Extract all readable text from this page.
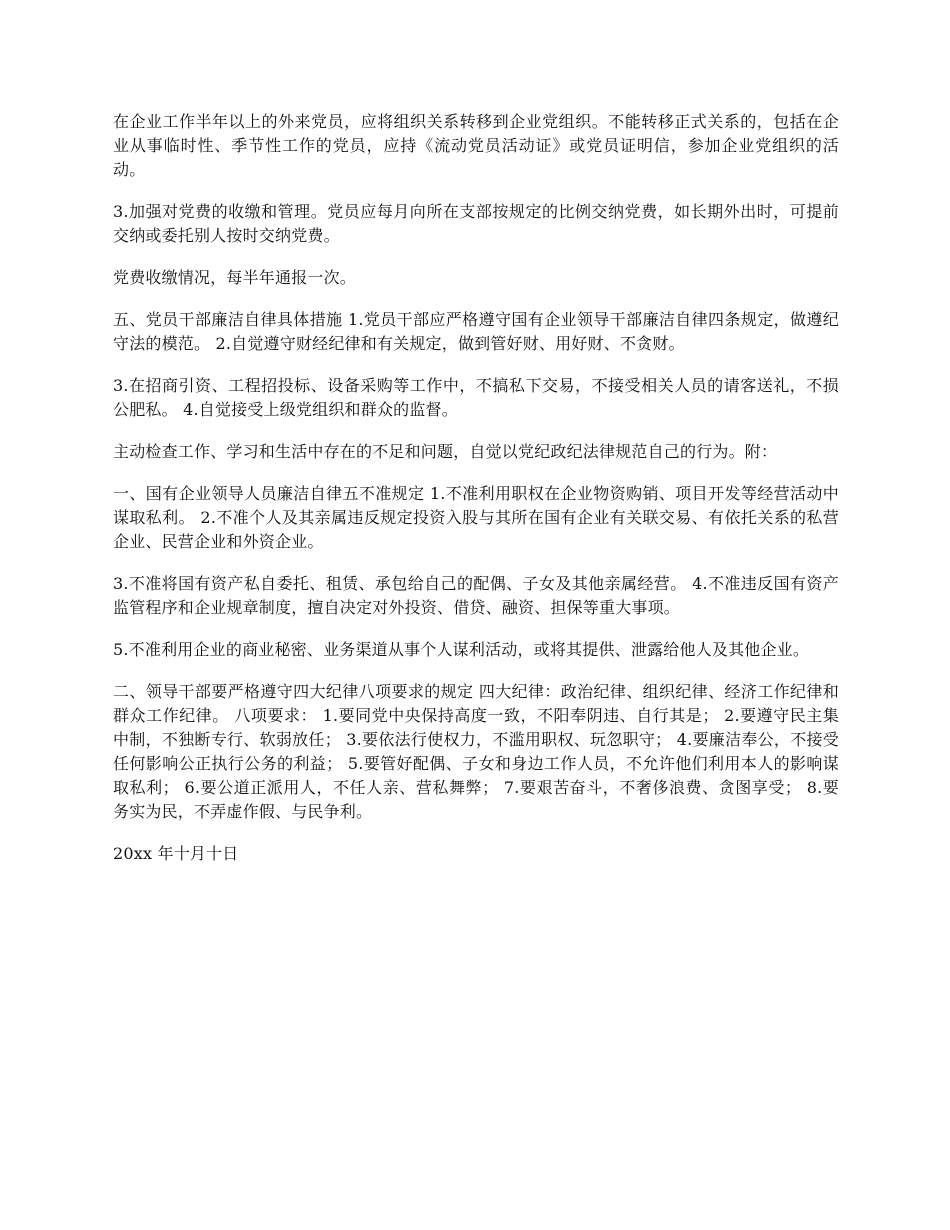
在企业工作半年以上的外来党员，应将组织关系转移到企业党组织。不能转移正式关系的，包括在企业从事临时性、季节性工作的党员，应持《流动党员活动证》或党员证明信，参加企业党组织的活动。

3.加强对党费的收缴和管理。党员应每月向所在支部按规定的比例交纳党费，如长期外出时，可提前交纳或委托别人按时交纳党费。

党费收缴情况，每半年通报一次。

五、党员干部廉洁自律具体措施 1.党员干部应严格遵守国有企业领导干部廉洁自律四条规定，做遵纪守法的模范。 2.自觉遵守财经纪律和有关规定，做到管好财、用好财、不贪财。

3.在招商引资、工程招投标、设备采购等工作中，不搞私下交易，不接受相关人员的请客送礼，不损公肥私。 4.自觉接受上级党组织和群众的监督。

主动检查工作、学习和生活中存在的不足和问题，自觉以党纪政纪法律规范自己的行为。附：

一、国有企业领导人员廉洁自律五不准规定 1.不准利用职权在企业物资购销、项目开发等经营活动中谋取私利。 2.不准个人及其亲属违反规定投资入股与其所在国有企业有关联交易、有依托关系的私营企业、民营企业和外资企业。

3.不准将国有资产私自委托、租赁、承包给自己的配偶、子女及其他亲属经营。 4.不准违反国有资产监管程序和企业规章制度，擅自决定对外投资、借贷、融资、担保等重大事项。

5.不准利用企业的商业秘密、业务渠道从事个人谋利活动，或将其提供、泄露给他人及其他企业。

二、领导干部要严格遵守四大纪律八项要求的规定 四大纪律：政治纪律、组织纪律、经济工作纪律和群众工作纪律。 八项要求： 1.要同党中央保持高度一致，不阳奉阴违、自行其是； 2.要遵守民主集中制，不独断专行、软弱放任； 3.要依法行使权力，不滥用职权、玩忽职守； 4.要廉洁奉公，不接受任何影响公正执行公务的利益； 5.要管好配偶、子女和身边工作人员，不允许他们利用本人的影响谋取私利； 6.要公道正派用人，不任人亲、营私舞弊； 7.要艰苦奋斗，不奢侈浪费、贪图享受； 8.要务实为民，不弄虚作假、与民争利。

20xx 年十月十日
